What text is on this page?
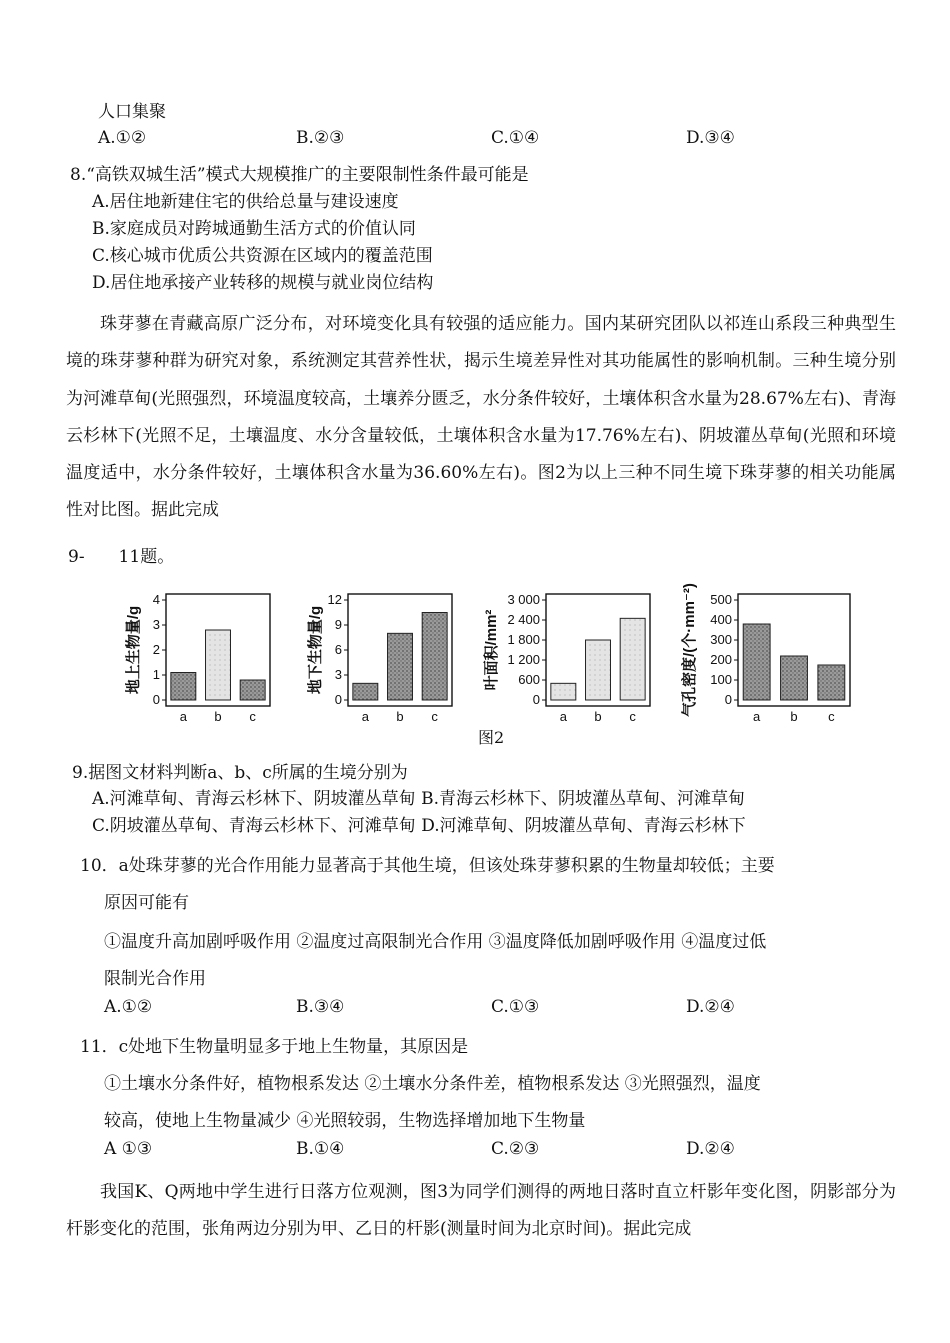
人口集聚
A.①②	B.②③	C.①④	D.③④
8.“高铁双城生活”模式大规模推广的主要限制性条件最可能是
A.居住地新建住宅的供给总量与建设速度
B.家庭成员对跨城通勤生活方式的价值认同
C.核心城市优质公共资源在区域内的覆盖范围
D.居住地承接产业转移的规模与就业岗位结构
珠芽蓼在青藏高原广泛分布，对环境变化具有较强的适应能力。国内某研究团队以祁连山系段三种典型生境的珠芽蓼种群为研究对象，系统测定其营养性状，揭示生境差异性对其功能属性的影响机制。三种生境分别为河滩草甸(光照强烈，环境温度较高，土壤养分匮乏，水分条件较好，土壤体积含水量为28.67%左右)、青海云杉林下(光照不足，土壤温度、水分含量较低，土壤体积含水量为17.76%左右)、阴坡灌丛草甸(光照和环境温度适中，水分条件较好，土壤体积含水量为36.60%左右)。图2为以上三种不同生境下珠芽蓼的相关功能属性对比图。据此完成
9-　　11题。
0
1
2
3
4
a b c
地上生物量/g
0
3
6
9
12
a b c
地下生物量/g
0
600
1 200
1 800
2 400
3 000
a b c
叶面积/mm²
0
100
200
300
400
500
a b c
气孔密度/(个·mm⁻²)
图2
9.据图文材料判断a、b、c所属的生境分别为
A.河滩草甸、青海云杉林下、阴坡灌丛草甸 B.青海云杉林下、阴坡灌丛草甸、河滩草甸
C.阴坡灌丛草甸、青海云杉林下、河滩草甸 D.河滩草甸、阴坡灌丛草甸、青海云杉林下
10．a处珠芽蓼的光合作用能力显著高于其他生境，但该处珠芽蓼积累的生物量却较低；主要
原因可能有
①温度升高加剧呼吸作用 ②温度过高限制光合作用 ③温度降低加剧呼吸作用 ④温度过低
限制光合作用
A.①②	B.③④	C.①③	D.②④
11．c处地下生物量明显多于地上生物量，其原因是
①土壤水分条件好，植物根系发达 ②土壤水分条件差，植物根系发达 ③光照强烈，温度
较高，使地上生物量减少 ④光照较弱，生物选择增加地下生物量
A ①③	B.①④	C.②③	D.②④
我国K、Q两地中学生进行日落方位观测，图3为同学们测得的两地日落时直立杆影年变化图，阴影部分为杆影变化的范围，张角两边分别为甲、乙日的杆影(测量时间为北京时间)。据此完成
